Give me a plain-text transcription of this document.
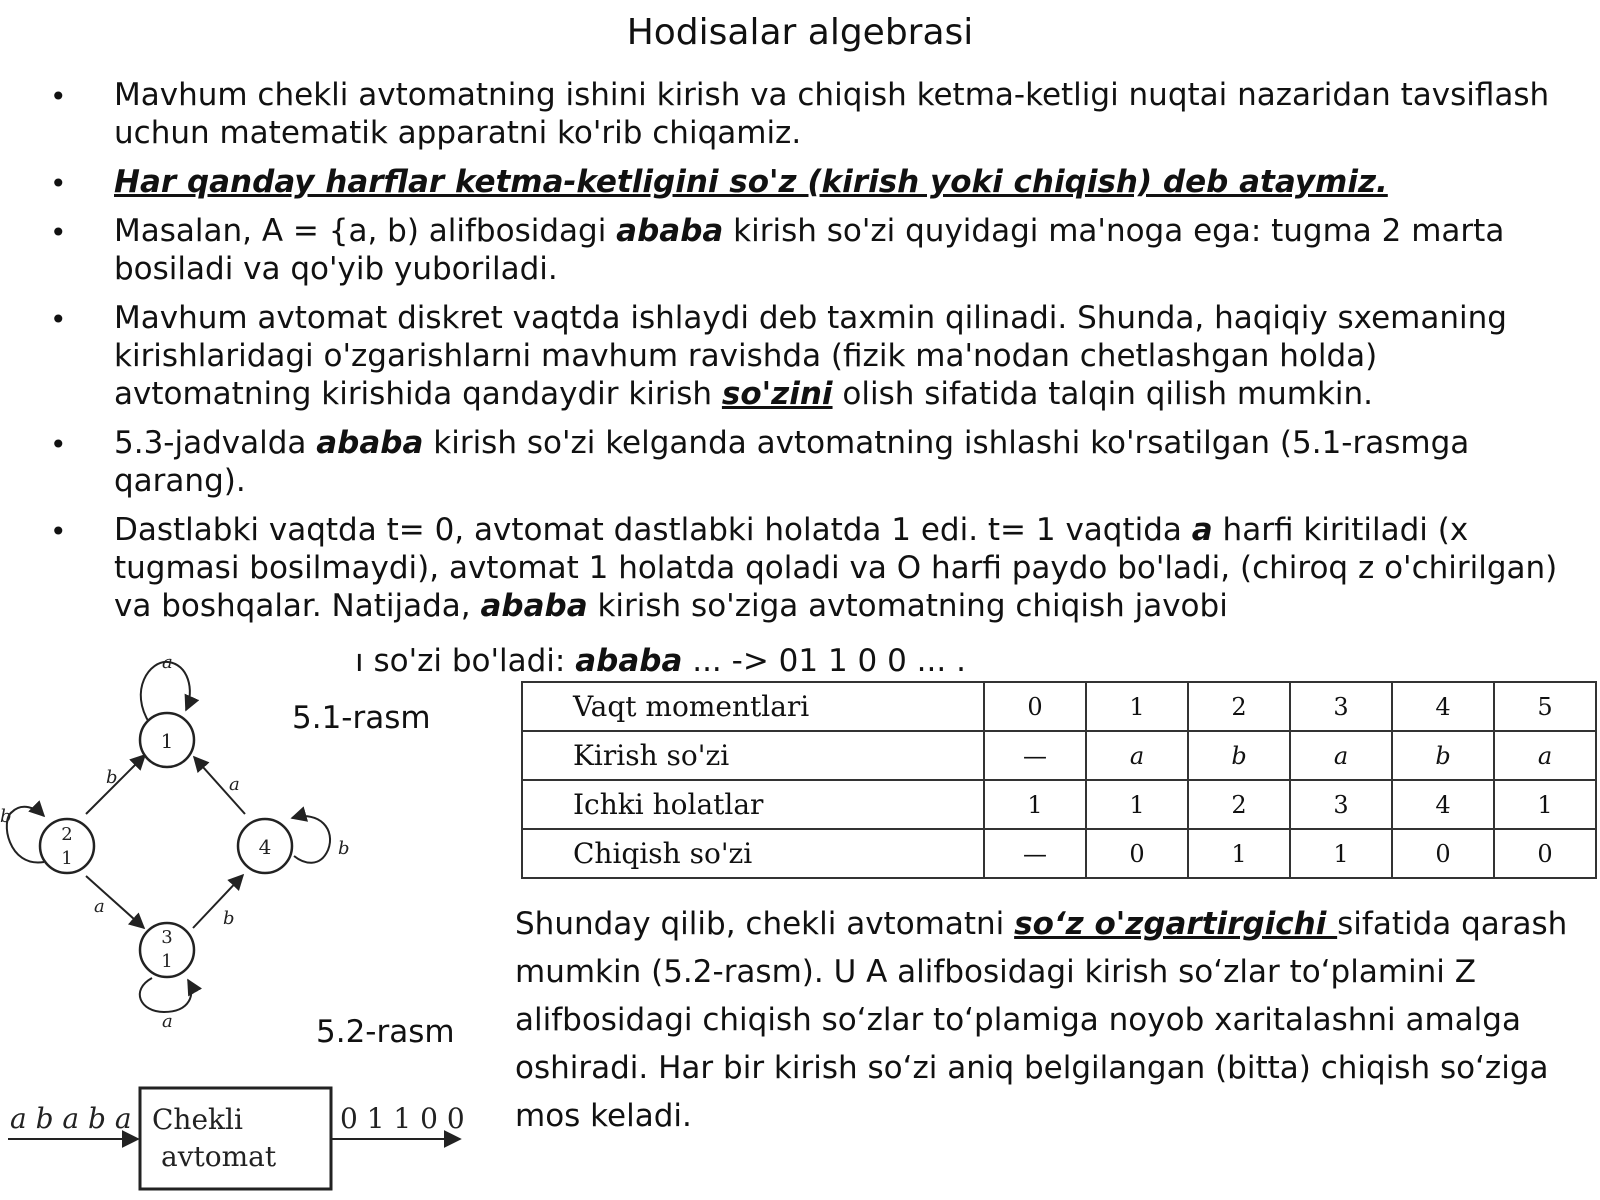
Hodisalar algebrasi
• Mavhum chekli avtomatning ishini kirish va chiqish ketma-ketligi nuqtai nazaridan tavsiflash uchun matematik apparatni ko'rib chiqamiz.
• Har qanday harflar ketma-ketligini so'z (kirish yoki chiqish) deb ataymiz.
• Masalan, A = {a, b) alifbosidagi ababa kirish so'zi quyidagi ma'noga ega: tugma 2 marta bosiladi va qo'yib yuboriladi.
• Mavhum avtomat diskret vaqtda ishlaydi deb taxmin qilinadi. Shunda, haqiqiy sxemaning kirishlaridagi o'zgarishlarni mavhum ravishda (fizik ma'nodan chetlashgan holda) avtomatning kirishida qandaydir kirish so'zini olish sifatida talqin qilish mumkin.
• 5.3-jadvalda ababa kirish so'zi kelganda avtomatning ishlashi ko'rsatilgan (5.1-rasmga qarang).
• Dastlabki vaqtda t= 0, avtomat dastlabki holatda 1 edi. t= 1 vaqtida a harfi kiritiladi (x tugmasi bosilmaydi), avtomat 1 holatda qoladi va O harfi paydo bo'ladi, (chiroq z o'chirilgan) va boshqalar. Natijada, ababa kirish so'ziga avtomatning chiqish javobi
ı so'zi bo'ladi: ababa ... -> 01 1 0 0 ... .
1
2
1
3
1
4
a
b	a
b
b
a
b
a
5.1-rasm
5.2-rasm
a b a b a Chekli
avtomat
0 1 1 0 0
Vaqt momentlari	0	1	2	3	4	5
Kirish so'zi	—	a	b	a	b	a
Ichki holatlar	1	1	2	3	4	1
Chiqish so'zi	—	0	1	1	0	0
Shunday qilib, chekli avtomatni so‘z o'zgartirgichi sifatida qarash mumkin (5.2-rasm). U A alifbosidagi kirish so‘zlar to‘plamini Z alifbosidagi chiqish so‘zlar to‘plamiga noyob xaritalashni amalga oshiradi. Har bir kirish so‘zi aniq belgilangan (bitta) chiqish so‘ziga mos keladi.
